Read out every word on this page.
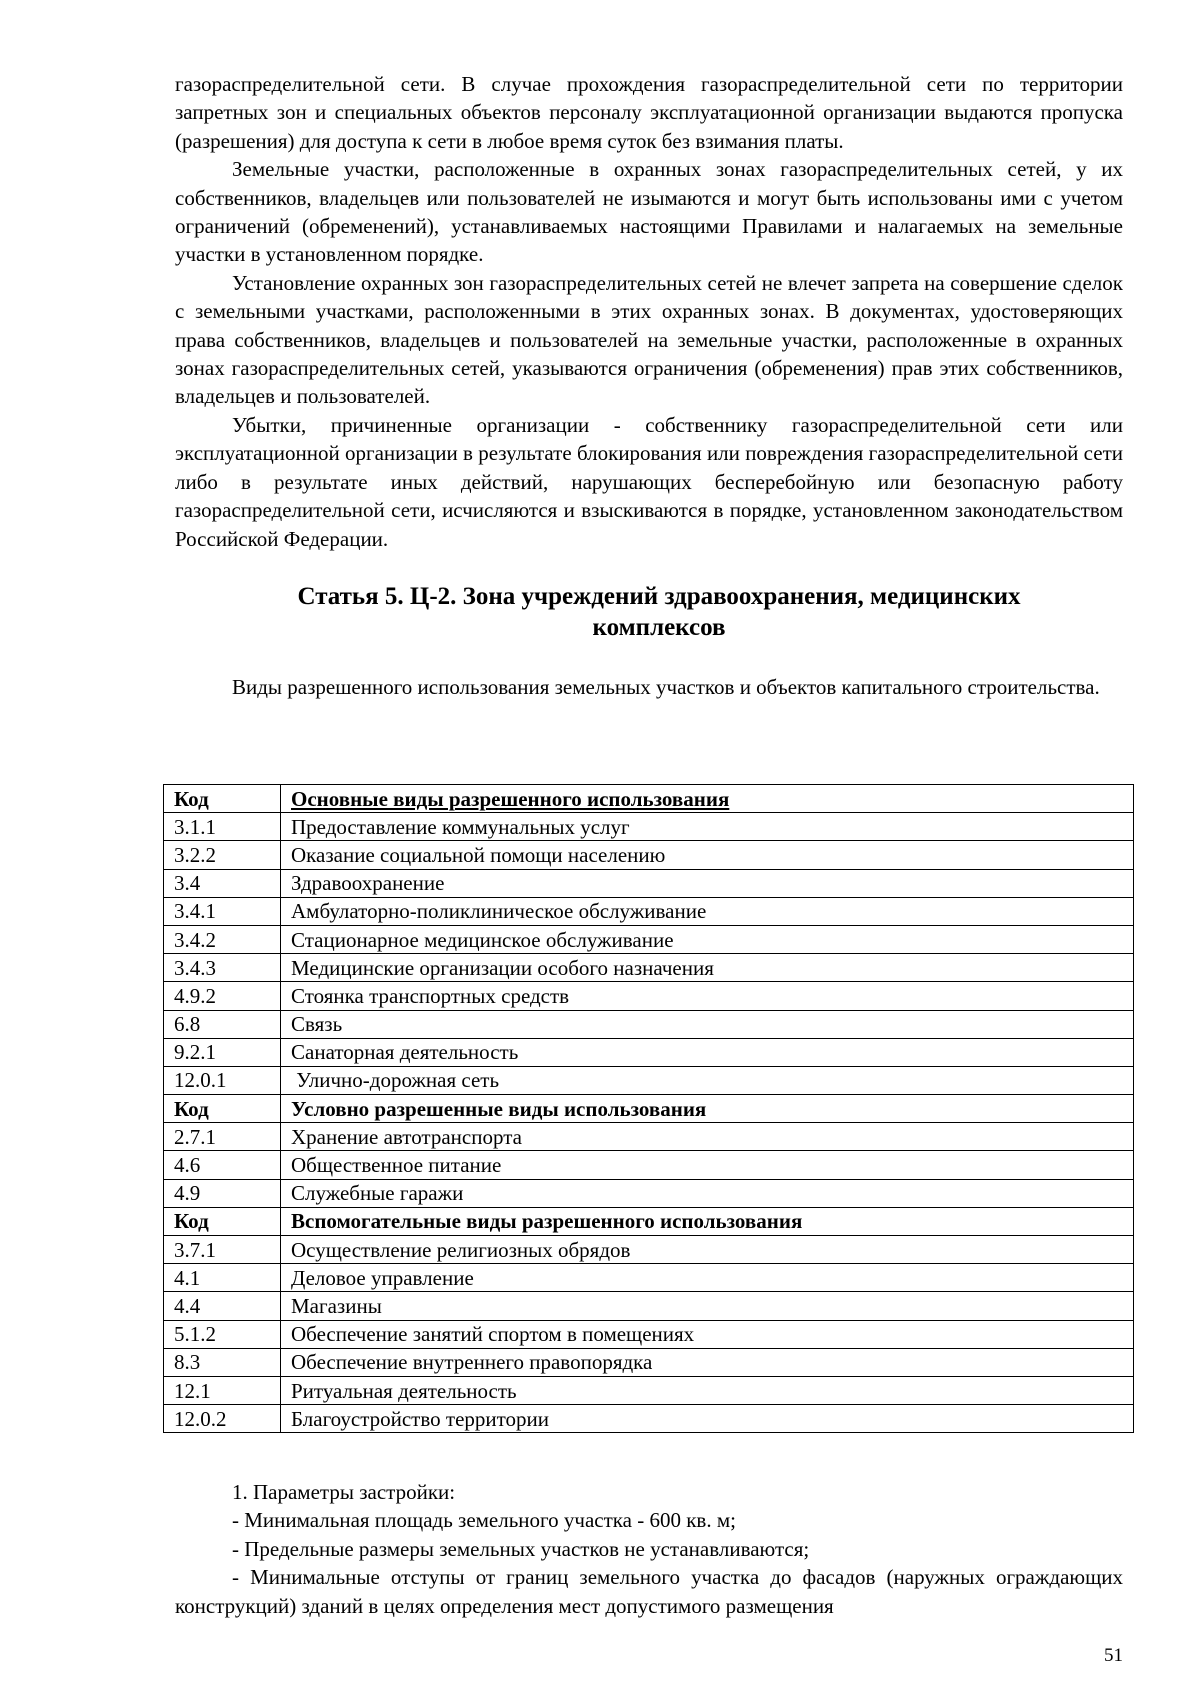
газораспределительной сети. В случае прохождения газораспределительной сети по территории запретных зон и специальных объектов персоналу эксплуатационной организации выдаются пропуска (разрешения) для доступа к сети в любое время суток без взимания платы.

Земельные участки, расположенные в охранных зонах газораспределительных сетей, у их собственников, владельцев или пользователей не изымаются и могут быть использованы ими с учетом ограничений (обременений), устанавливаемых настоящими Правилами и налагаемых на земельные участки в установленном порядке.

Установление охранных зон газораспределительных сетей не влечет запрета на совершение сделок с земельными участками, расположенными в этих охранных зонах. В документах, удостоверяющих права собственников, владельцев и пользователей на земельные участки, расположенные в охранных зонах газораспределительных сетей, указываются ограничения (обременения) прав этих собственников, владельцев и пользователей.

Убытки, причиненные организации - собственнику газораспределительной сети или эксплуатационной организации в результате блокирования или повреждения газораспределительной сети либо в результате иных действий, нарушающих бесперебойную или безопасную работу газораспределительной сети, исчисляются и взыскиваются в порядке, установленном законодательством Российской Федерации.

Статья 5. Ц-2. Зона учреждений здравоохранения, медицинских
комплексов

Виды разрешенного использования земельных участков и объектов капитального строительства.

Код	Основные виды разрешенного использования
3.1.1	Предоставление коммунальных услуг
3.2.2	Оказание социальной помощи населению
3.4	Здравоохранение
3.4.1	Амбулаторно-поликлиническое обслуживание
3.4.2	Стационарное медицинское обслуживание
3.4.3	Медицинские организации особого назначения
4.9.2	Стоянка транспортных средств
6.8	Связь
9.2.1	Санаторная деятельность
12.0.1	Улично-дорожная сеть
Код	Условно разрешенные виды использования
2.7.1	Хранение автотранспорта
4.6	Общественное питание
4.9	Служебные гаражи
Код	Вспомогательные виды разрешенного использования
3.7.1	Осуществление религиозных обрядов
4.1	Деловое управление
4.4	Магазины
5.1.2	Обеспечение занятий спортом в помещениях
8.3	Обеспечение внутреннего правопорядка
12.1	Ритуальная деятельность
12.0.2	Благоустройство территории

1. Параметры застройки:

- Минимальная площадь земельного участка - 600 кв. м;

- Предельные размеры земельных участков не устанавливаются;

- Минимальные отступы от границ земельного участка до фасадов (наружных ограждающих конструкций) зданий в целях определения мест допустимого размещения

51
